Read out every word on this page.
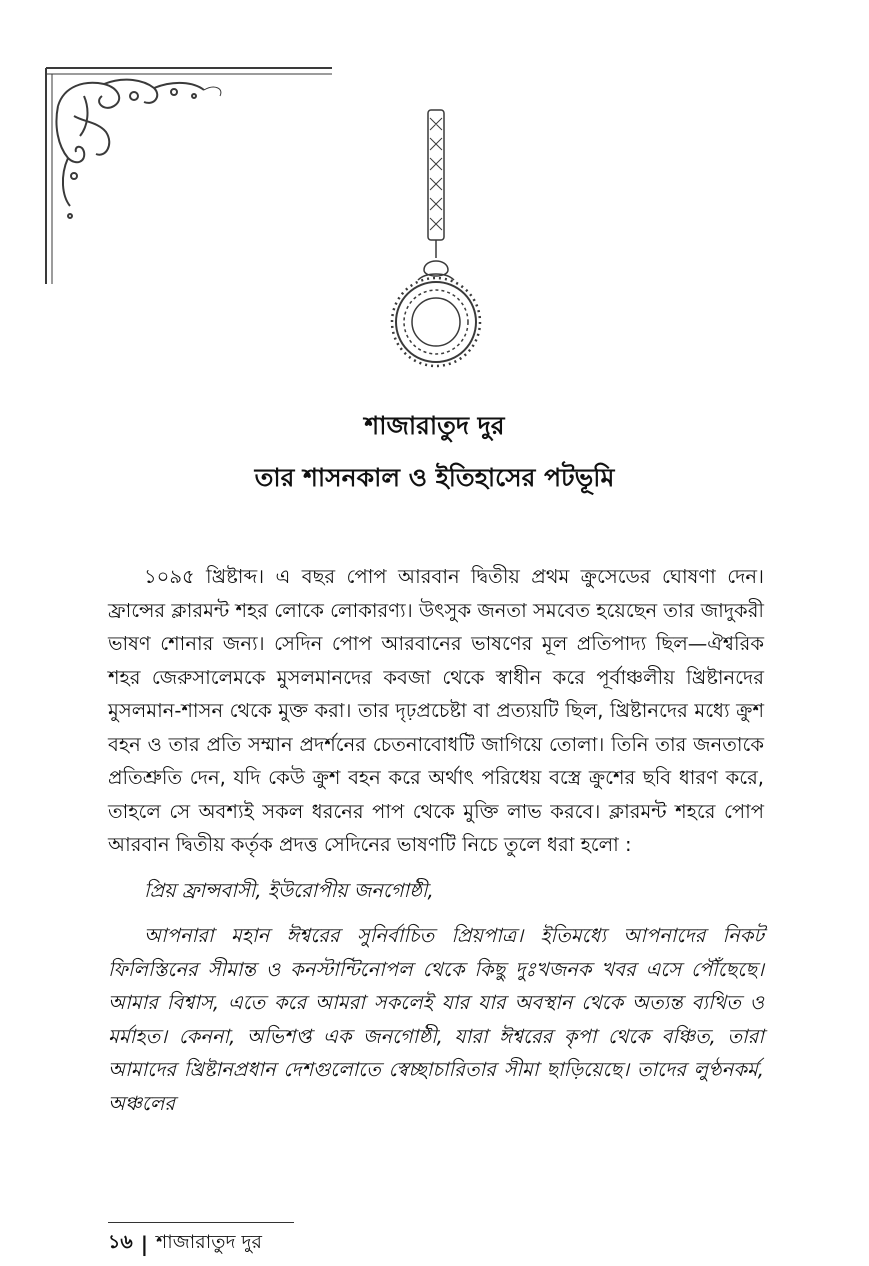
শাজারাতুদ দুর
তার শাসনকাল ও ইতিহাসের পটভূমি

১০৯৫ খ্রিষ্টাব্দ। এ বছর পোপ আরবান দ্বিতীয় প্রথম ক্রুসেডের ঘোষণা দেন। ফ্রান্সের ক্লারমন্ট শহর লোকে লোকারণ্য। উৎসুক জনতা সমবেত হয়েছেন তার জাদুকরী ভাষণ শোনার জন্য। সেদিন পোপ আরবানের ভাষণের মূল প্রতিপাদ্য ছিল—ঐশ্বরিক শহর জেরুসালেমকে মুসলমানদের কবজা থেকে স্বাধীন করে পূর্বাঞ্চলীয় খ্রিষ্টানদের মুসলমান-শাসন থেকে মুক্ত করা। তার দৃঢ়প্রচেষ্টা বা প্রত্যয়টি ছিল, খ্রিষ্টানদের মধ্যে ক্রুশ বহন ও তার প্রতি সম্মান প্রদর্শনের চেতনাবোধটি জাগিয়ে তোলা। তিনি তার জনতাকে প্রতিশ্রুতি দেন, যদি কেউ ক্রুশ বহন করে অর্থাৎ পরিধেয় বস্ত্রে ক্রুশের ছবি ধারণ করে, তাহলে সে অবশ্যই সকল ধরনের পাপ থেকে মুক্তি লাভ করবে। ক্লারমন্ট শহরে পোপ আরবান দ্বিতীয় কর্তৃক প্রদত্ত সেদিনের ভাষণটি নিচে তুলে ধরা হলো :

প্রিয় ফ্রান্সবাসী, ইউরোপীয় জনগোষ্ঠী,

আপনারা মহান ঈশ্বরের সুনির্বাচিত প্রিয়পাত্র। ইতিমধ্যে আপনাদের নিকট ফিলিস্তিনের সীমান্ত ও কনস্টান্টিনোপল থেকে কিছু দুঃখজনক খবর এসে পৌঁছেছে। আমার বিশ্বাস, এতে করে আমরা সকলেই যার যার অবস্থান থেকে অত্যন্ত ব্যথিত ও মর্মাহত। কেননা, অভিশপ্ত এক জনগোষ্ঠী, যারা ঈশ্বরের কৃপা থেকে বঞ্চিত, তারা আমাদের খ্রিষ্টানপ্রধান দেশগুলোতে স্বেচ্ছাচারিতার সীমা ছাড়িয়েছে। তাদের লুণ্ঠনকর্ম, অঞ্চলের

১৬ | শাজারাতুদ দুর
